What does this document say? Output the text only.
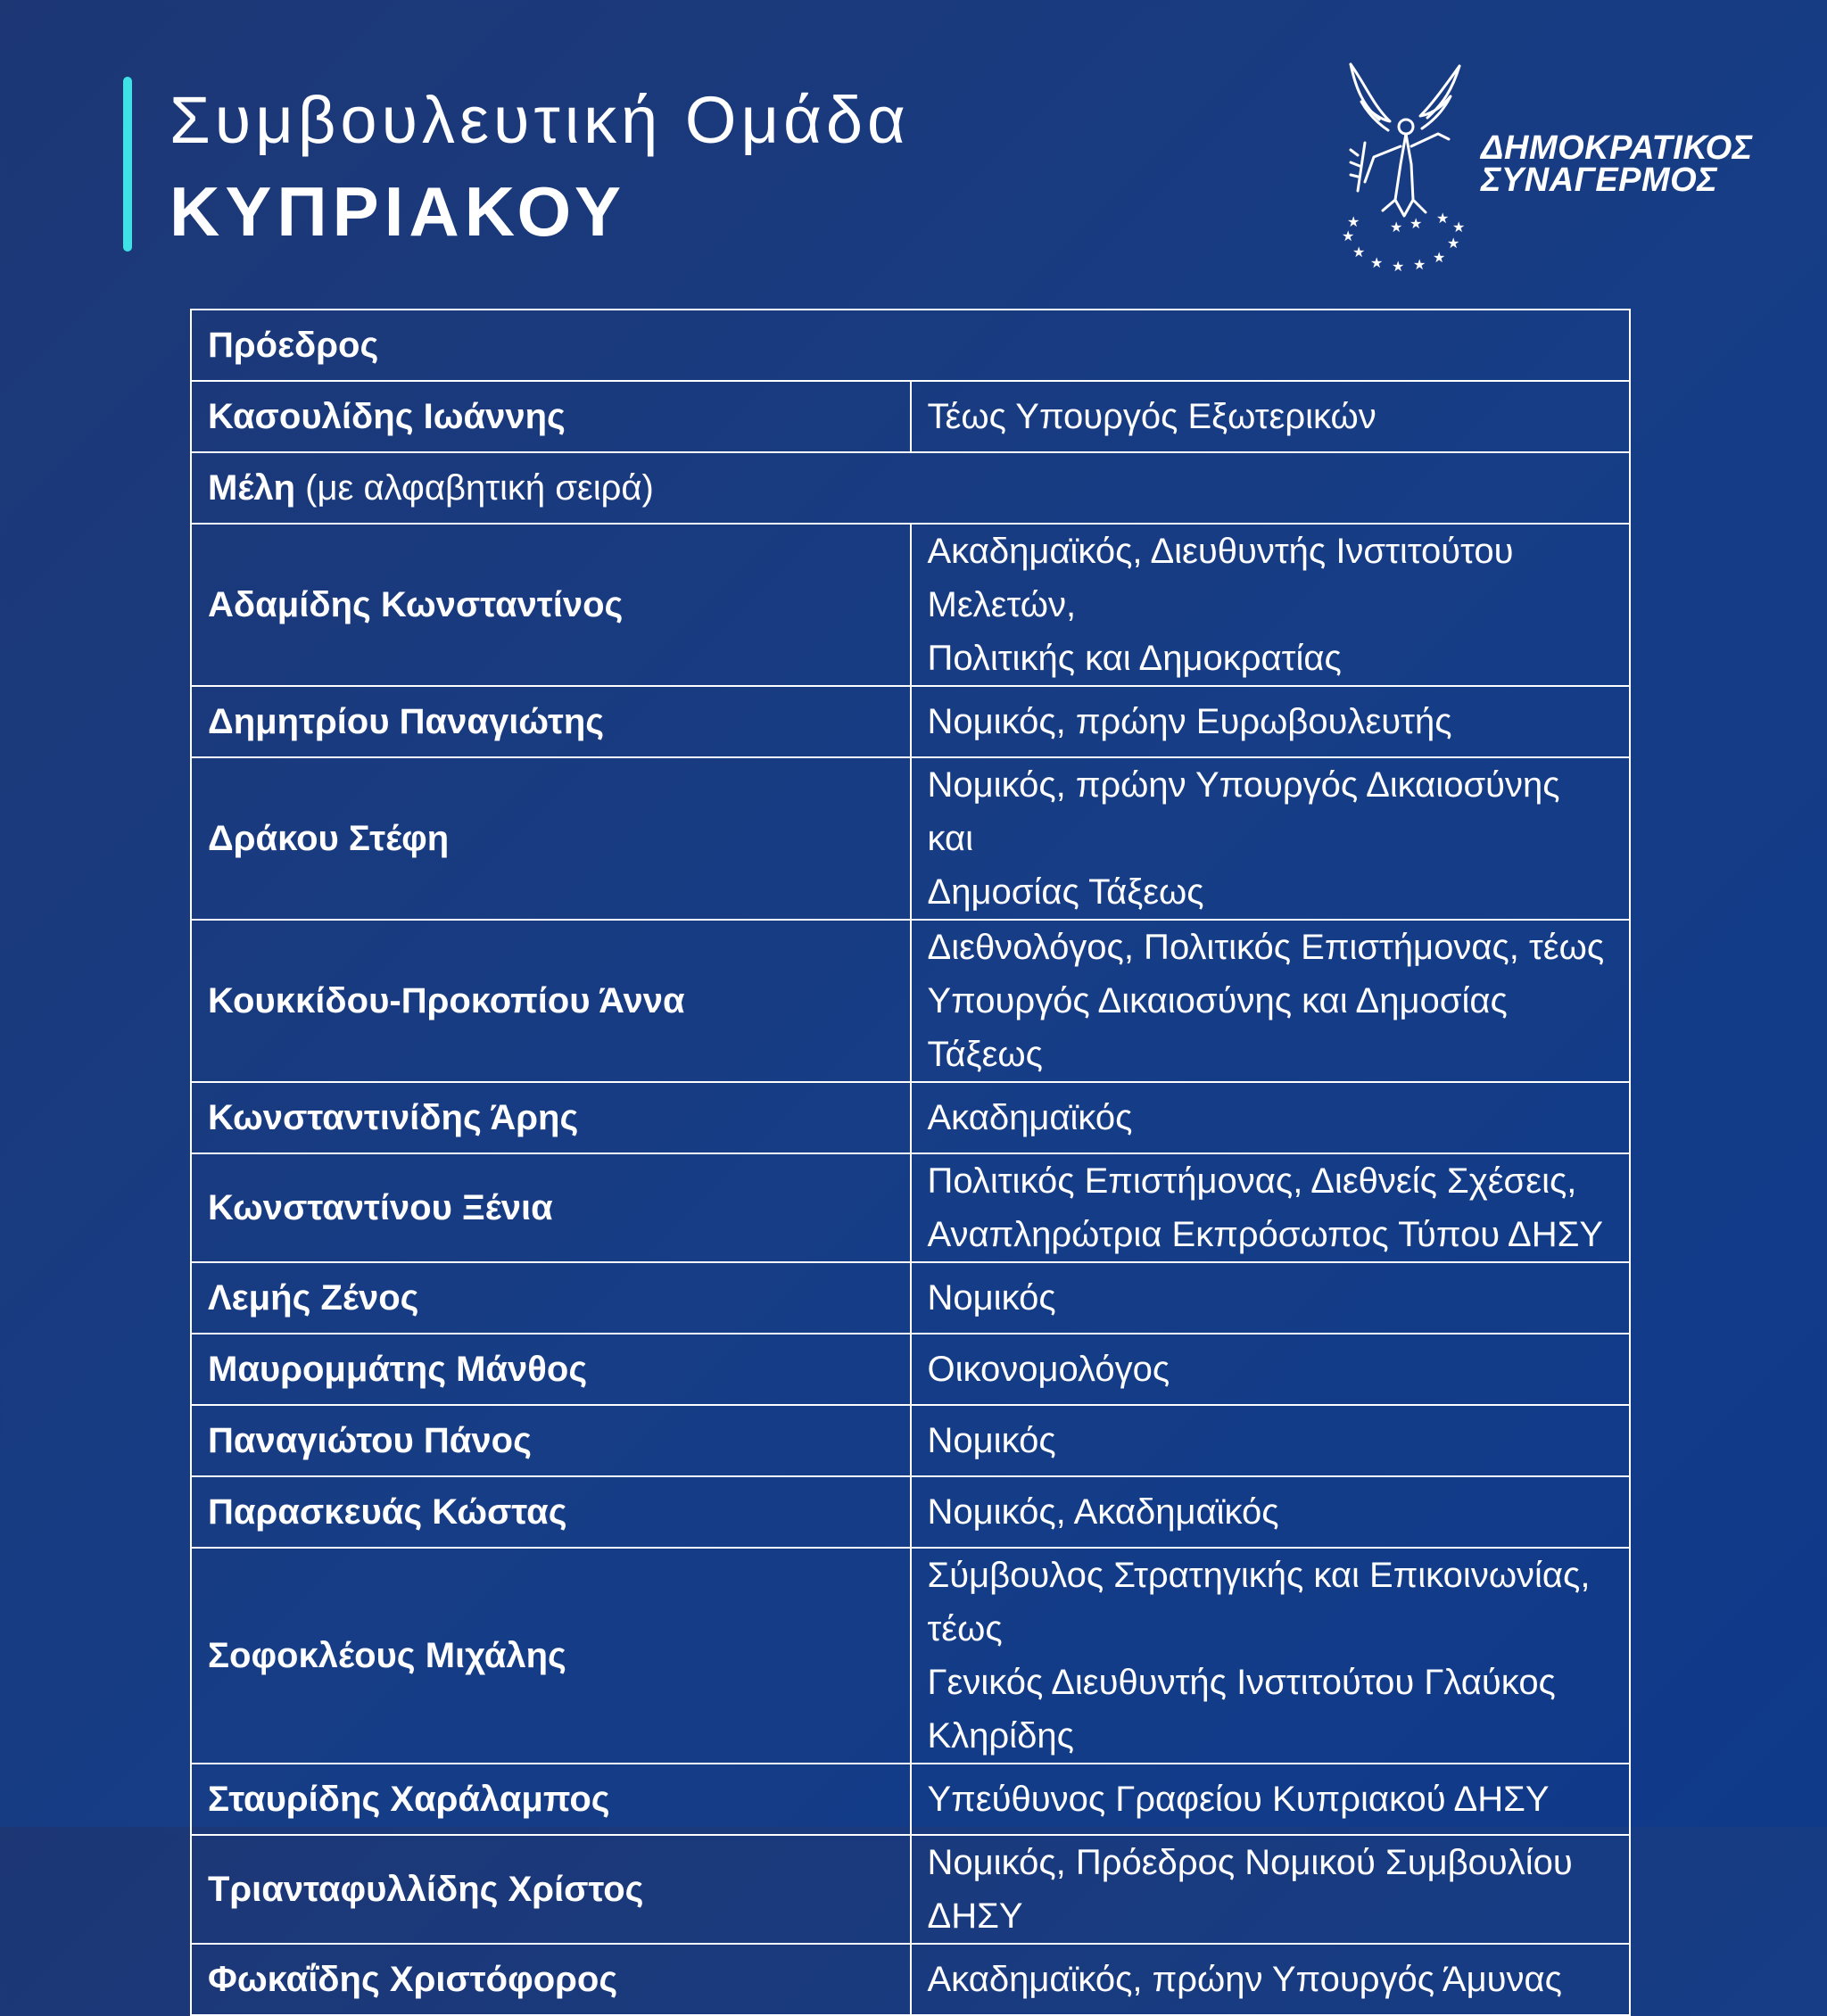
Συμβουλευτική Ομάδα
ΚΥΠΡΙΑΚΟΥ	★
★
★ ★ ★ ★
★
★
★	★
★ ★
ΔΗΜΟΚΡΑΤΙΚΟΣ
ΣΥΝΑΓΕΡΜΟΣ
Πρόεδρος	
Κασουλίδης Ιωάννης	Τέως Υπουργός Εξωτερικών
Μέλη (με αλφαβητική σειρά)	
Αδαμίδης Κωνσταντίνος	Ακαδημαϊκός, Διευθυντής Ινστιτούτου Μελετών,
Πολιτικής και Δημοκρατίας

Δημητρίου Παναγιώτης	Νομικός, πρώην Ευρωβουλευτής

Δράκου Στέφη	Νομικός, πρώην Υπουργός Δικαιοσύνης και
Δημοσίας Τάξεως

Κουκκίδου-Προκοπίου Άννα	Διεθνολόγος, Πολιτικός Επιστήμονας, τέως
Υπουργός Δικαιοσύνης και Δημοσίας Τάξεως

Κωνσταντινίδης Άρης	Ακαδημαϊκός

Κωνσταντίνου Ξένια	Πολιτικός Επιστήμονας, Διεθνείς Σχέσεις,
Αναπληρώτρια Εκπρόσωπος Τύπου ΔΗΣΥ

Λεμής Ζένος	Νομικός

Μαυρομμάτης Μάνθος	Οικονομολόγος

Παναγιώτου Πάνος	Νομικός

Παρασκευάς Κώστας	Νομικός, Ακαδημαϊκός

Σοφοκλέους Μιχάλης	Σύμβουλος Στρατηγικής και Επικοινωνίας, τέως
Γενικός Διευθυντής Ινστιτούτου Γλαύκος Κληρίδης

Σταυρίδης Χαράλαμπος	Υπεύθυνος Γραφείου Κυπριακού ΔΗΣΥ

Τριανταφυλλίδης Χρίστος	Νομικός, Πρόεδρος Νομικού Συμβουλίου ΔΗΣΥ

Φωκαΐδης Χριστόφορος	Ακαδημαϊκός, πρώην Υπουργός Άμυνας
